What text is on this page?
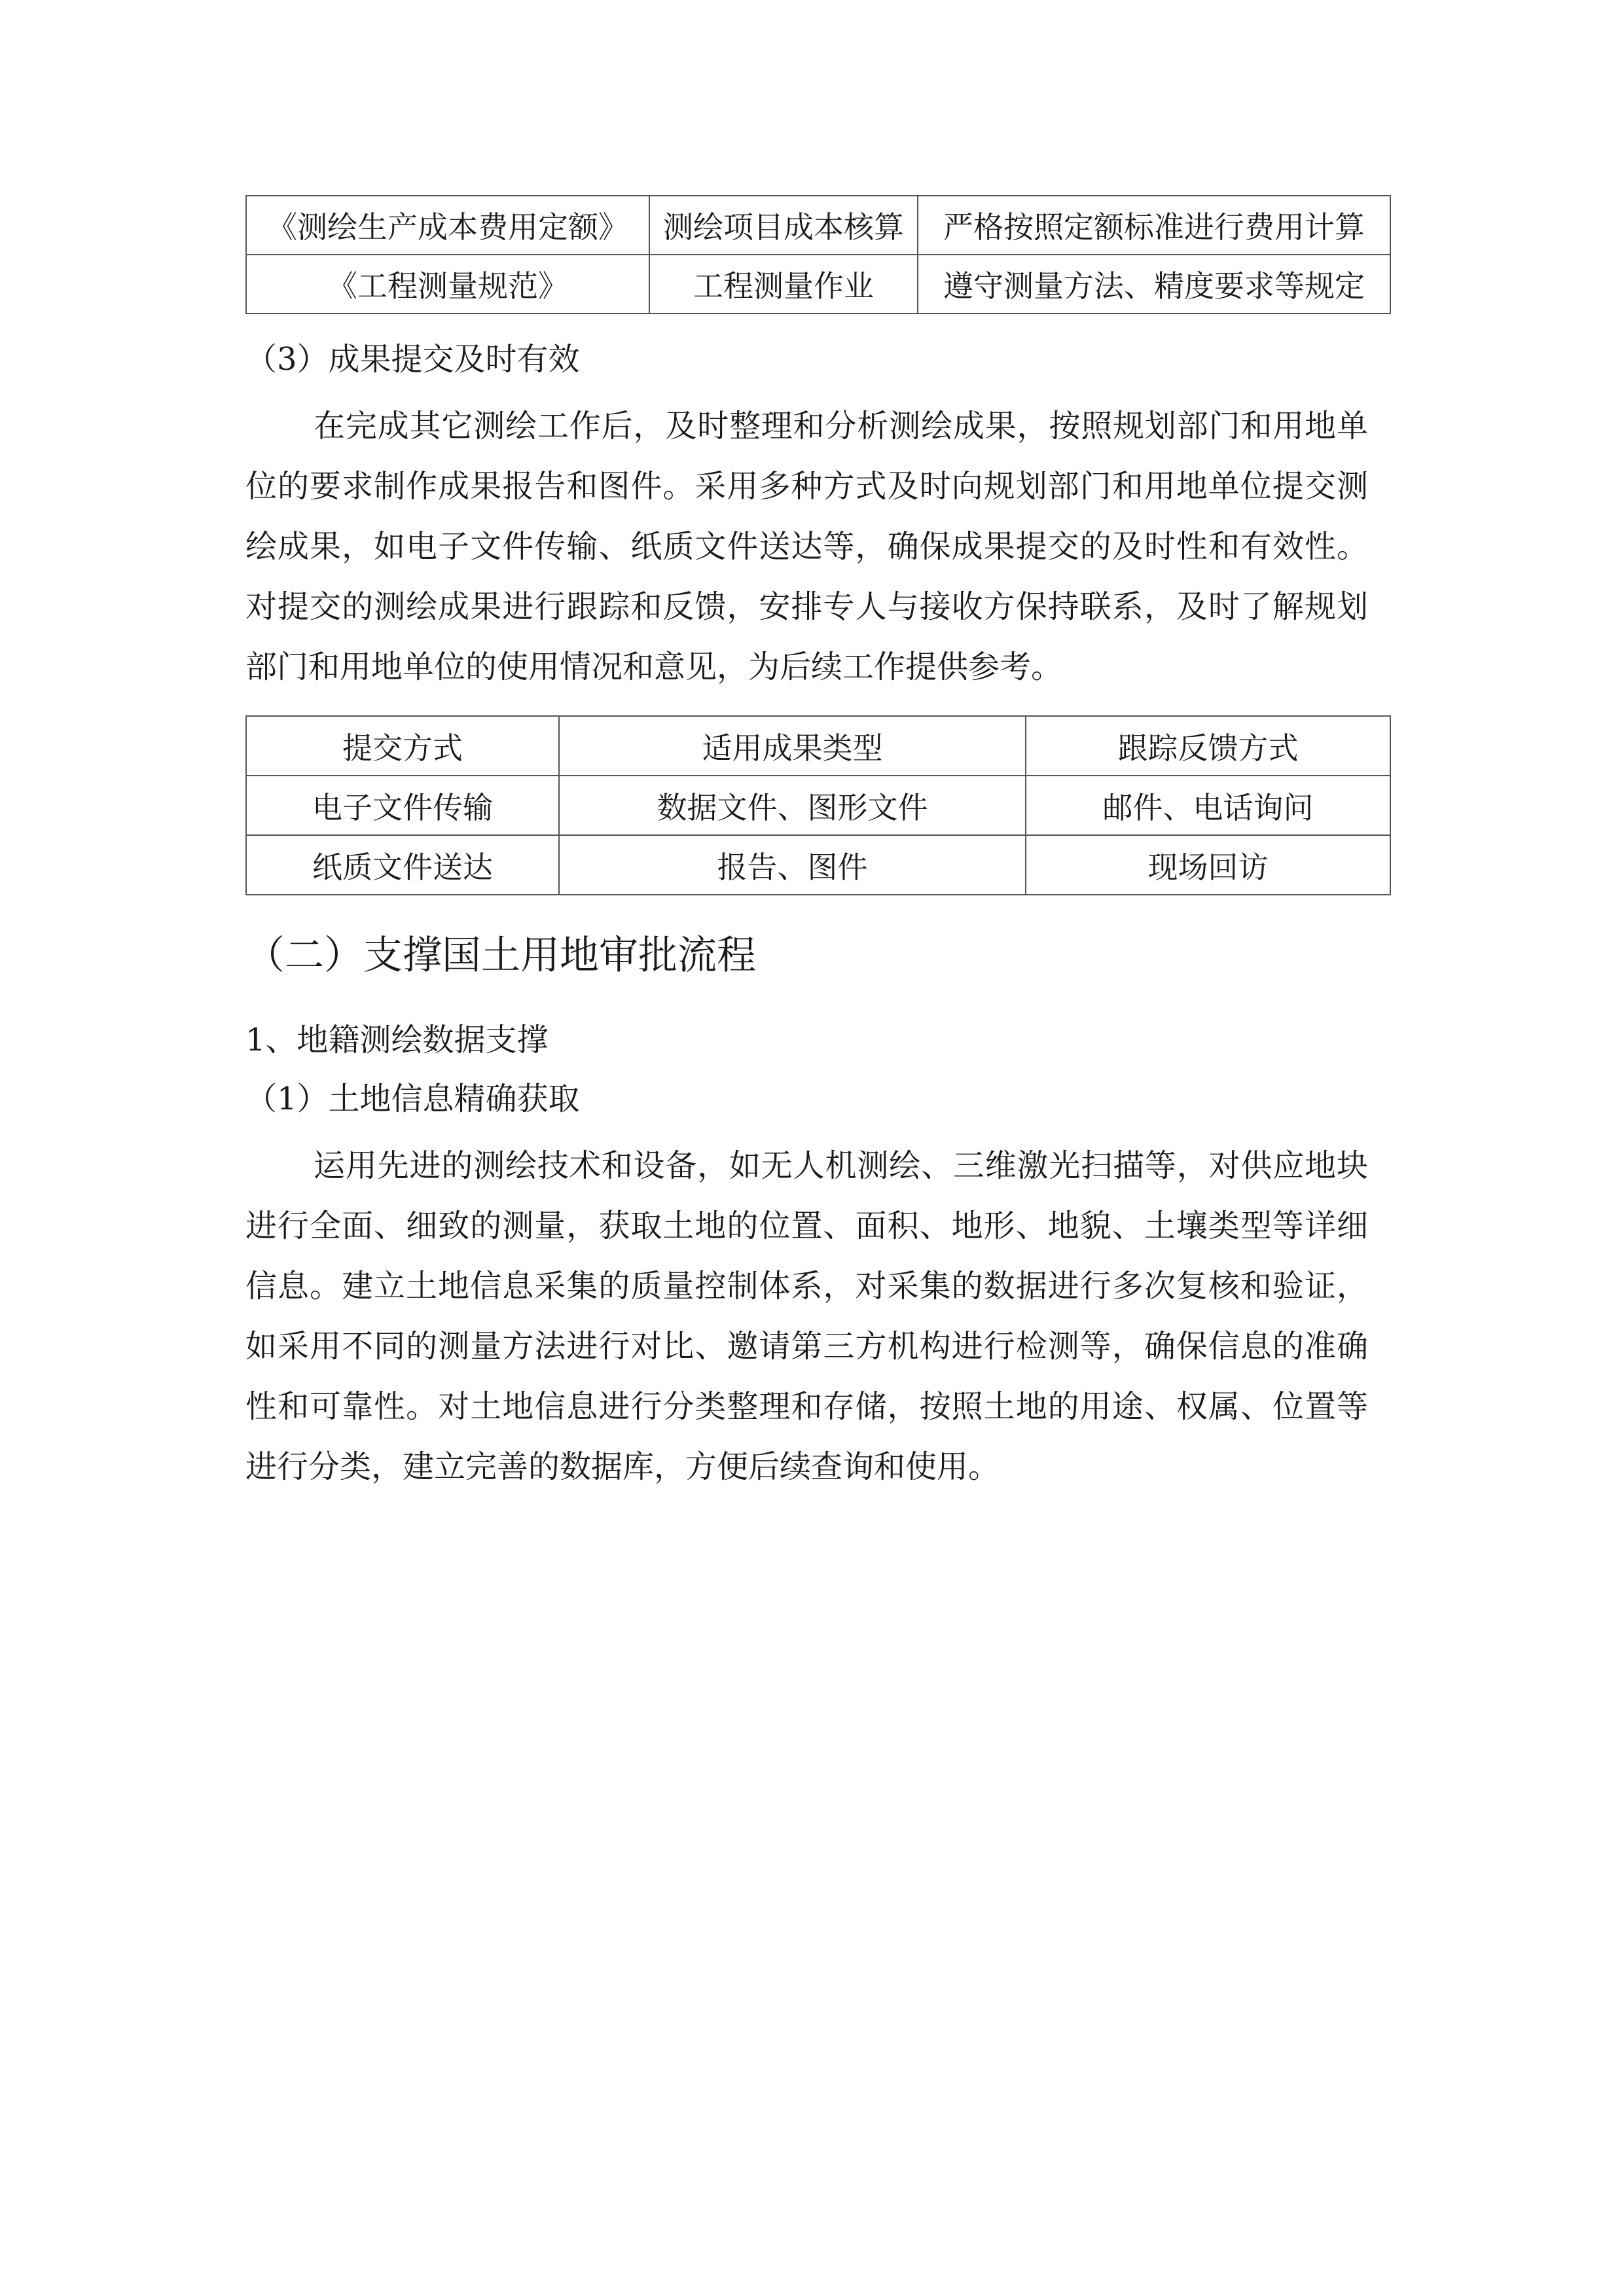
《测绘生产成本费用定额》	测绘项目成本核算	严格按照定额标准进行费用计算
《工程测量规范》	工程测量作业	遵守测量方法、精度要求等规定
（3）成果提交及时有效
在完成其它测绘工作后，及时整理和分析测绘成果，按照规划部门和用地单位的要求制作成果报告和图件。采用多种方式及时向规划部门和用地单位提交测绘成果，如电子文件传输、纸质文件送达等，确保成果提交的及时性和有效性。对提交的测绘成果进行跟踪和反馈，安排专人与接收方保持联系，及时了解规划部门和用地单位的使用情况和意见，为后续工作提供参考。
提交方式	适用成果类型	跟踪反馈方式
电子文件传输	数据文件、图形文件	邮件、电话询问
纸质文件送达	报告、图件	现场回访
（二）支撑国土用地审批流程
1、地籍测绘数据支撑
（1）土地信息精确获取
运用先进的测绘技术和设备，如无人机测绘、三维激光扫描等，对供应地块进行全面、细致的测量，获取土地的位置、面积、地形、地貌、土壤类型等详细信息。建立土地信息采集的质量控制体系，对采集的数据进行多次复核和验证，如采用不同的测量方法进行对比、邀请第三方机构进行检测等，确保信息的准确性和可靠性。对土地信息进行分类整理和存储，按照土地的用途、权属、位置等进行分类，建立完善的数据库，方便后续查询和使用。
